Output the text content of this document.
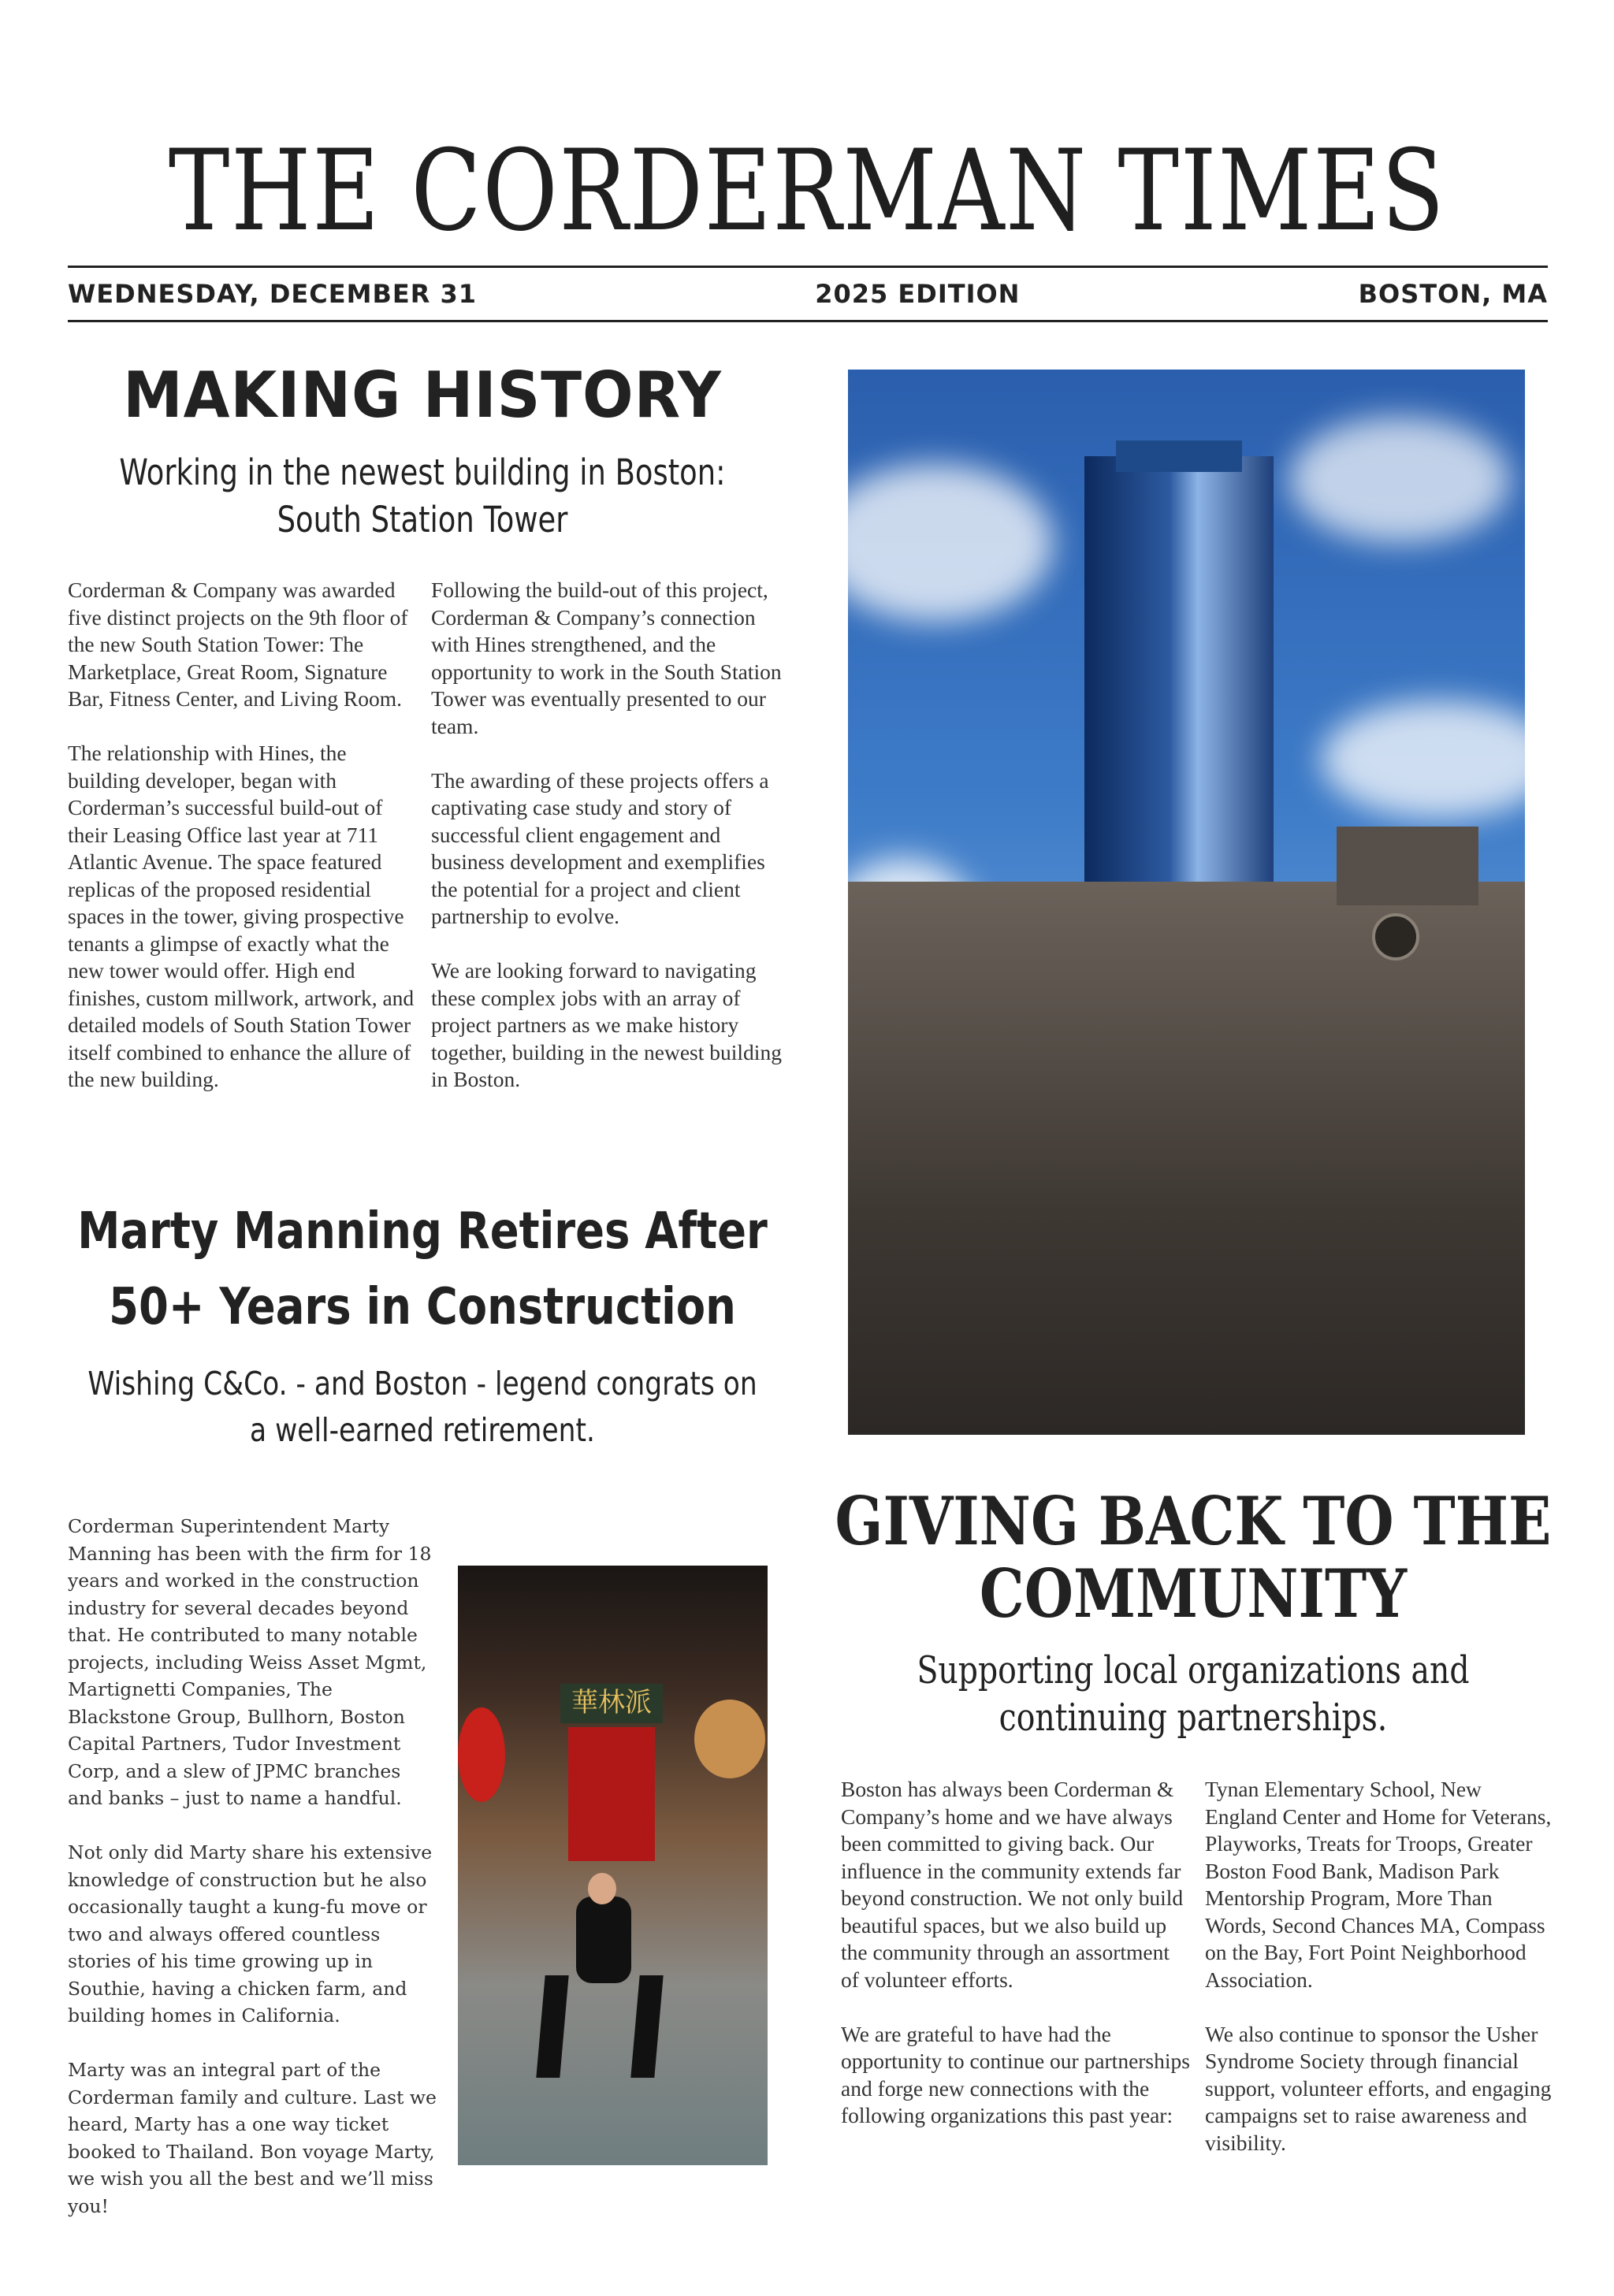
THE CORDERMAN TIMES
WEDNESDAY, DECEMBER 31	2025 EDITION	BOSTON, MA
MAKING HISTORY
Working in the newest building in Boston: South Station Tower

Corderman & Company was awarded five distinct projects on the 9th floor of the new South Station Tower: The Marketplace, Great Room, Signature Bar, Fitness Center, and Living Room.

The relationship with Hines, the building developer, began with Corderman’s successful build-out of their Leasing Office last year at 711 Atlantic Avenue. The space featured replicas of the proposed residential spaces in the tower, giving prospective tenants a glimpse of exactly what the new tower would offer. High end finishes, custom millwork, artwork, and detailed models of South Station Tower itself combined to enhance the allure of the new building.

Following the build-out of this project, Corderman & Company’s connection with Hines strengthened, and the opportunity to work in the South Station Tower was eventually presented to our team.

The awarding of these projects offers a captivating case study and story of successful client engagement and business development and exemplifies the potential for a project and client partnership to evolve.

We are looking forward to navigating these complex jobs with an array of project partners as we make history together, building in the newest building in Boston.

Marty Manning Retires After 50+ Years in Construction
Wishing C&Co. - and Boston - legend congrats on a well-earned retirement.

Corderman Superintendent Marty Manning has been with the firm for 18 years and worked in the construction industry for several decades beyond that. He contributed to many notable projects, including Weiss Asset Mgmt, Martignetti Companies, The Blackstone Group, Bullhorn, Boston Capital Partners, Tudor Investment Corp, and a slew of JPMC branches and banks – just to name a handful.

Not only did Marty share his extensive knowledge of construction but he also occasionally taught a kung-fu move or two and always offered countless stories of his time growing up in Southie, having a chicken farm, and building homes in California.

Marty was an integral part of the Corderman family and culture. Last we heard, Marty has a one way ticket booked to Thailand. Bon voyage Marty, we wish you all the best and we’ll miss you!

華林派
GIVING BACK TO THE COMMUNITY
Supporting local organizations and continuing partnerships.

Boston has always been Corderman & Company’s home and we have always been committed to giving back. Our influence in the community extends far beyond construction. We not only build beautiful spaces, but we also build up the community through an assortment of volunteer efforts.

We are grateful to have had the opportunity to continue our partnerships and forge new connections with the following organizations this past year:

Tynan Elementary School, New England Center and Home for Veterans, Playworks, Treats for Troops, Greater Boston Food Bank, Madison Park Mentorship Program, More Than Words, Second Chances MA, Compass on the Bay, Fort Point Neighborhood Association.

We also continue to sponsor the Usher Syndrome Society through financial support, volunteer efforts, and engaging campaigns set to raise awareness and visibility.
